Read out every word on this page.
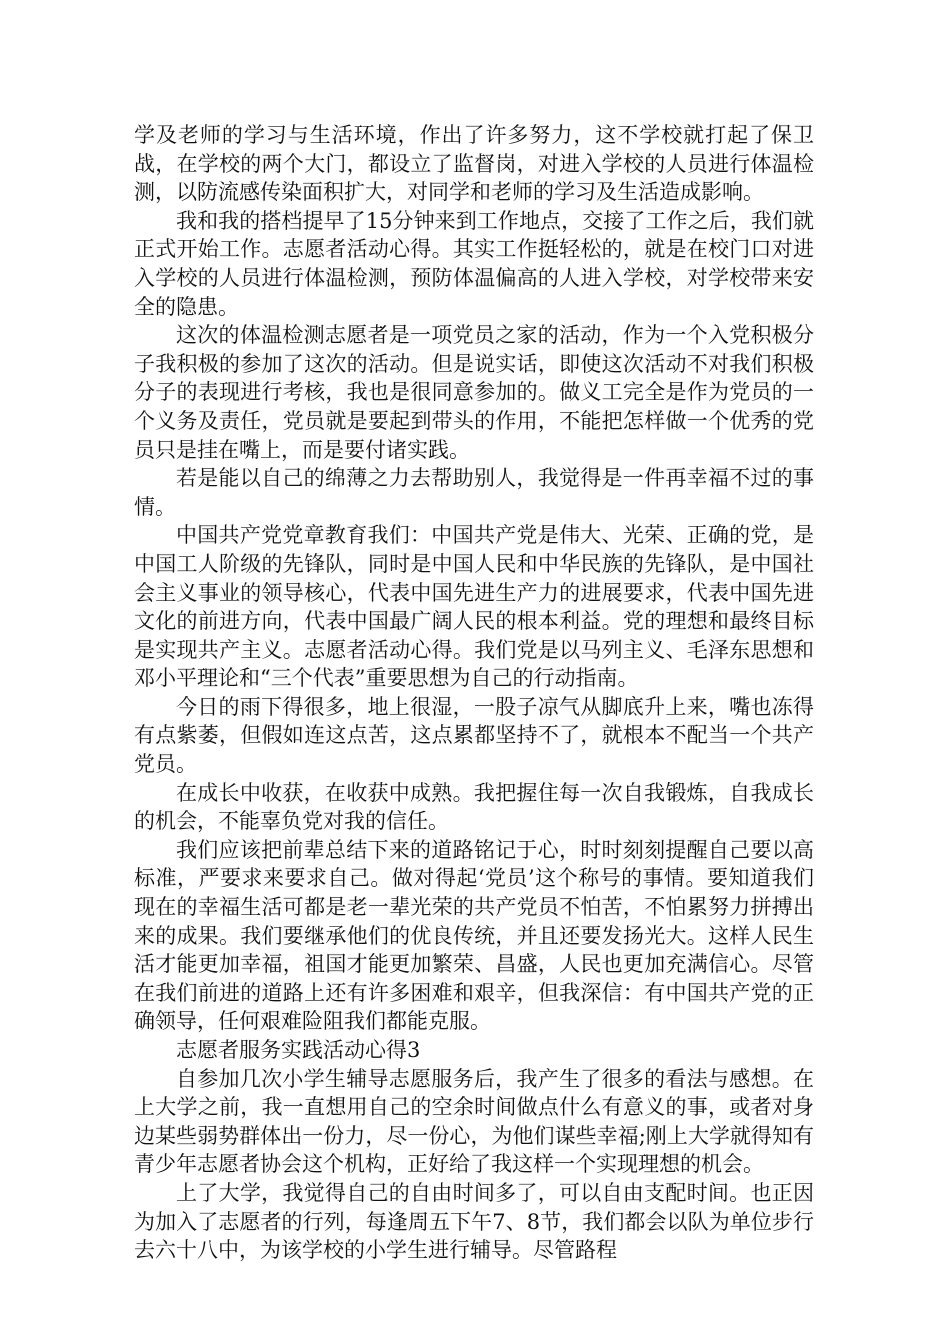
学及老师的学习与生活环境，作出了许多努力，这不学校就打起了保卫战，在学校的两个大门，都设立了监督岗，对进入学校的人员进行体温检测，以防流感传染面积扩大，对同学和老师的学习及生活造成影响。

我和我的搭档提早了15分钟来到工作地点，交接了工作之后，我们就正式开始工作。志愿者活动心得。其实工作挺轻松的，就是在校门口对进入学校的人员进行体温检测，预防体温偏高的人进入学校，对学校带来安全的隐患。

这次的体温检测志愿者是一项党员之家的活动，作为一个入党积极分子我积极的参加了这次的活动。但是说实话，即使这次活动不对我们积极分子的表现进行考核，我也是很同意参加的。做义工完全是作为党员的一个义务及责任，党员就是要起到带头的作用，不能把怎样做一个优秀的党员只是挂在嘴上，而是要付诸实践。

若是能以自己的绵薄之力去帮助别人，我觉得是一件再幸福不过的事情。

中国共产党党章教育我们：中国共产党是伟大、光荣、正确的党，是中国工人阶级的先锋队，同时是中国人民和中华民族的先锋队，是中国社会主义事业的领导核心，代表中国先进生产力的进展要求，代表中国先进文化的前进方向，代表中国最广阔人民的根本利益。党的理想和最终目标是实现共产主义。志愿者活动心得。我们党是以马列主义、毛泽东思想和邓小平理论和“三个代表”重要思想为自己的行动指南。

今日的雨下得很多，地上很湿，一股子凉气从脚底升上来，嘴也冻得有点紫萎，但假如连这点苦，这点累都坚持不了，就根本不配当一个共产党员。

在成长中收获，在收获中成熟。我把握住每一次自我锻炼，自我成长的机会，不能辜负党对我的信任。

我们应该把前辈总结下来的道路铭记于心，时时刻刻提醒自己要以高标准，严要求来要求自己。做对得起‘党员’这个称号的事情。要知道我们现在的幸福生活可都是老一辈光荣的共产党员不怕苦，不怕累努力拼搏出来的成果。我们要继承他们的优良传统，并且还要发扬光大。这样人民生活才能更加幸福，祖国才能更加繁荣、昌盛，人民也更加充满信心。尽管在我们前进的道路上还有许多困难和艰辛，但我深信：有中国共产党的正确领导，任何艰难险阻我们都能克服。

志愿者服务实践活动心得3

自参加几次小学生辅导志愿服务后，我产生了很多的看法与感想。在上大学之前，我一直想用自己的空余时间做点什么有意义的事，或者对身边某些弱势群体出一份力，尽一份心，为他们谋些幸福;刚上大学就得知有青少年志愿者协会这个机构，正好给了我这样一个实现理想的机会。

上了大学，我觉得自己的自由时间多了，可以自由支配时间。也正因为加入了志愿者的行列，每逢周五下午7、8节，我们都会以队为单位步行去六十八中，为该学校的小学生进行辅导。尽管路程
